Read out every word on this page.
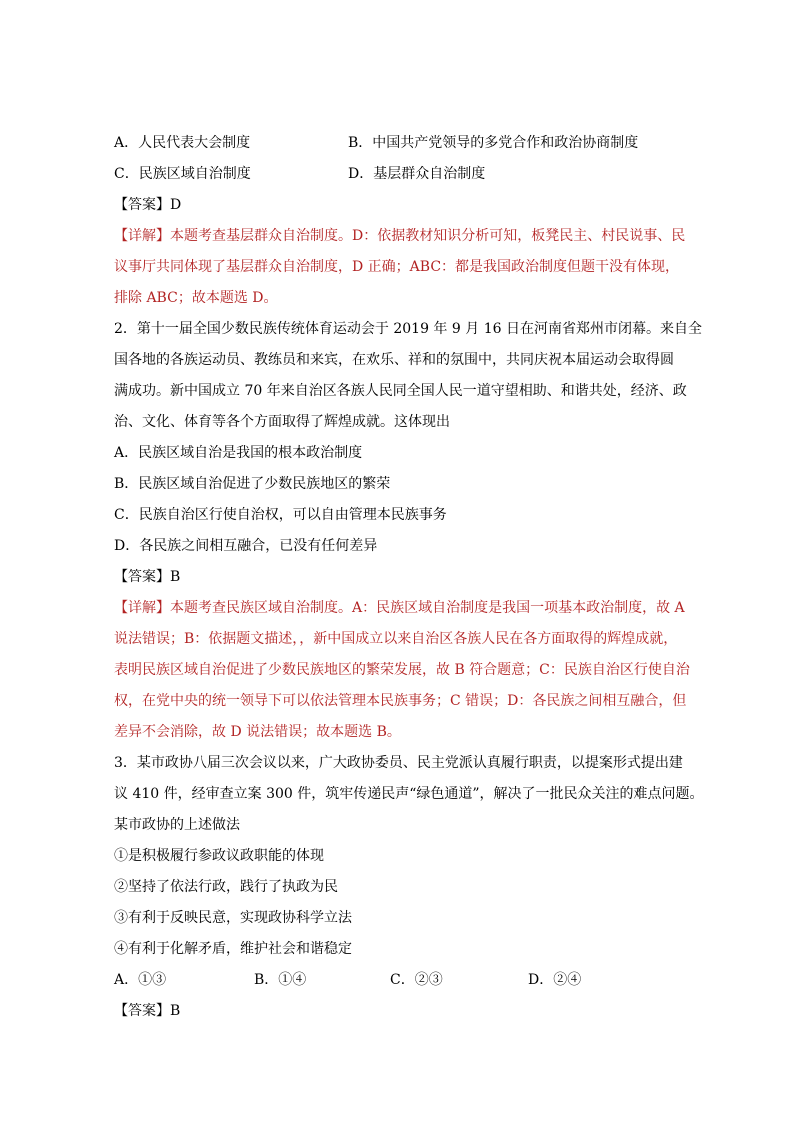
A．人民代表大会制度	B．中国共产党领导的多党合作和政治协商制度
C．民族区域自治制度	D．基层群众自治制度
【答案】D
【详解】本题考查基层群众自治制度。D：依据教材知识分析可知，板凳民主、村民说事、民
议事厅共同体现了基层群众自治制度，D 正确；ABC：都是我国政治制度但题干没有体现，
排除 ABC；故本题选 D。
2．第十一届全国少数民族传统体育运动会于 2019 年 9 月 16 日在河南省郑州市闭幕。来自全
国各地的各族运动员、教练员和来宾，在欢乐、祥和的氛围中，共同庆祝本届运动会取得圆
满成功。新中国成立 70 年来自治区各族人民同全国人民一道守望相助、和谐共处，经济、政
治、文化、体育等各个方面取得了辉煌成就。这体现出
A．民族区域自治是我国的根本政治制度
B．民族区域自治促进了少数民族地区的繁荣
C．民族自治区行使自治权，可以自由管理本民族事务
D．各民族之间相互融合，已没有任何差异
【答案】B
【详解】本题考查民族区域自治制度。A：民族区域自治制度是我国一项基本政治制度，故 A
说法错误；B：依据题文描述，，新中国成立以来自治区各族人民在各方面取得的辉煌成就，
表明民族区域自治促进了少数民族地区的繁荣发展，故 B 符合题意；C：民族自治区行使自治
权，在党中央的统一领导下可以依法管理本民族事务；C 错误；D：各民族之间相互融合，但
差异不会消除，故 D 说法错误；故本题选 B。
3．某市政协八届三次会议以来，广大政协委员、民主党派认真履行职责，以提案形式提出建
议 410 件，经审查立案 300 件，筑牢传递民声“绿色通道”，解决了一批民众关注的难点问题。
某市政协的上述做法
①是积极履行参政议政职能的体现
②坚持了依法行政，践行了执政为民
③有利于反映民意，实现政协科学立法
④有利于化解矛盾，维护社会和谐稳定
A．①③	B．①④	C．②③	D．②④
【答案】B
